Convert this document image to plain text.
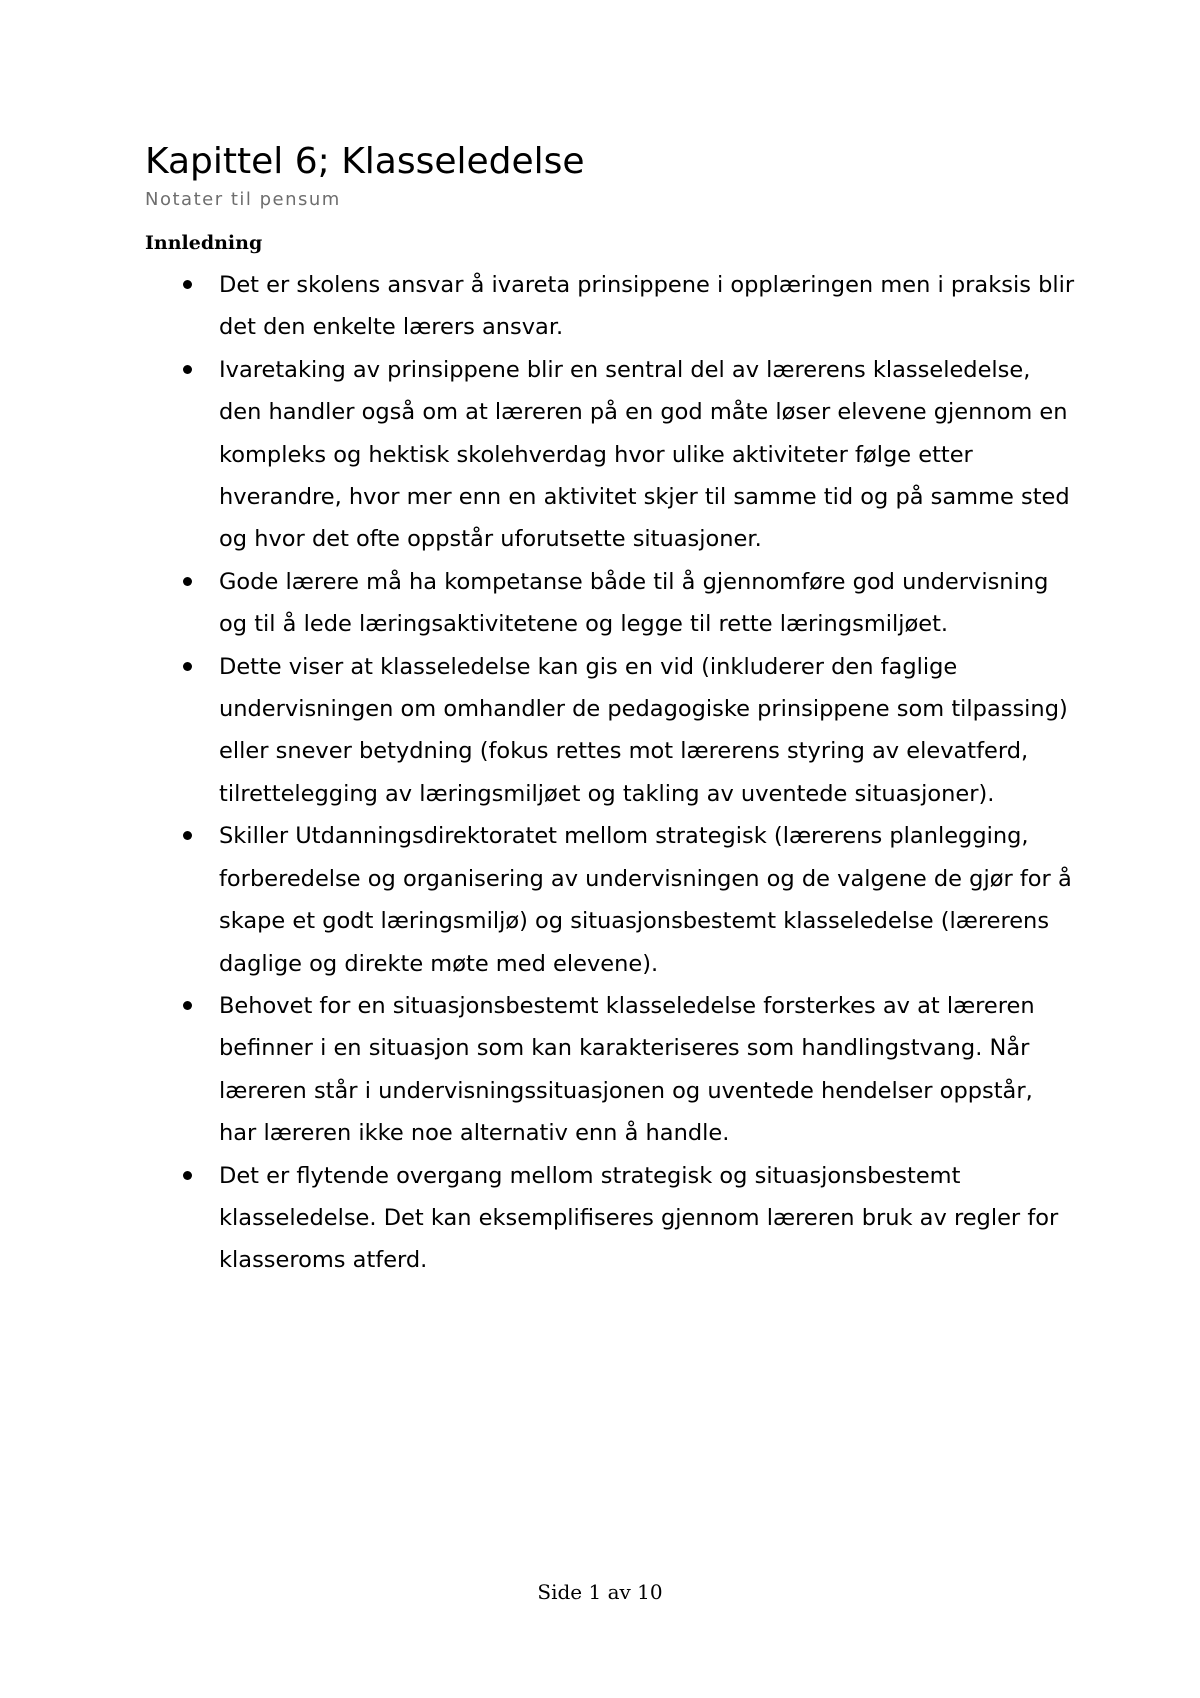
Kapittel 6; Klasseledelse
Notater til pensum
Innledning
Det er skolens ansvar å ivareta prinsippene i opplæringen men i praksis blir det den enkelte lærers ansvar.
Ivaretaking av prinsippene blir en sentral del av lærerens klasseledelse, den handler også om at læreren på en god måte løser elevene gjennom en kompleks og hektisk skolehverdag hvor ulike aktiviteter følge etter hverandre, hvor mer enn en aktivitet skjer til samme tid og på samme sted og hvor det ofte oppstår uforutsette situasjoner.
Gode lærere må ha kompetanse både til å gjennomføre god undervisning og til å lede læringsaktivitetene og legge til rette læringsmiljøet.
Dette viser at klasseledelse kan gis en vid (inkluderer den faglige undervisningen om omhandler de pedagogiske prinsippene som tilpassing) eller snever betydning (fokus rettes mot lærerens styring av elevatferd, tilrettelegging av læringsmiljøet og takling av uventede situasjoner).
Skiller Utdanningsdirektoratet mellom strategisk (lærerens planlegging, forberedelse og organisering av undervisningen og de valgene de gjør for å skape et godt læringsmiljø) og situasjonsbestemt klasseledelse (lærerens daglige og direkte møte med elevene).
Behovet for en situasjonsbestemt klasseledelse forsterkes av at læreren befinner i en situasjon som kan karakteriseres som handlingstvang. Når læreren står i undervisningssituasjonen og uventede hendelser oppstår, har læreren ikke noe alternativ enn å handle.
Det er flytende overgang mellom strategisk og situasjonsbestemt klasseledelse. Det kan eksemplifiseres gjennom læreren bruk av regler for klasseroms atferd.
Side 1 av 10
